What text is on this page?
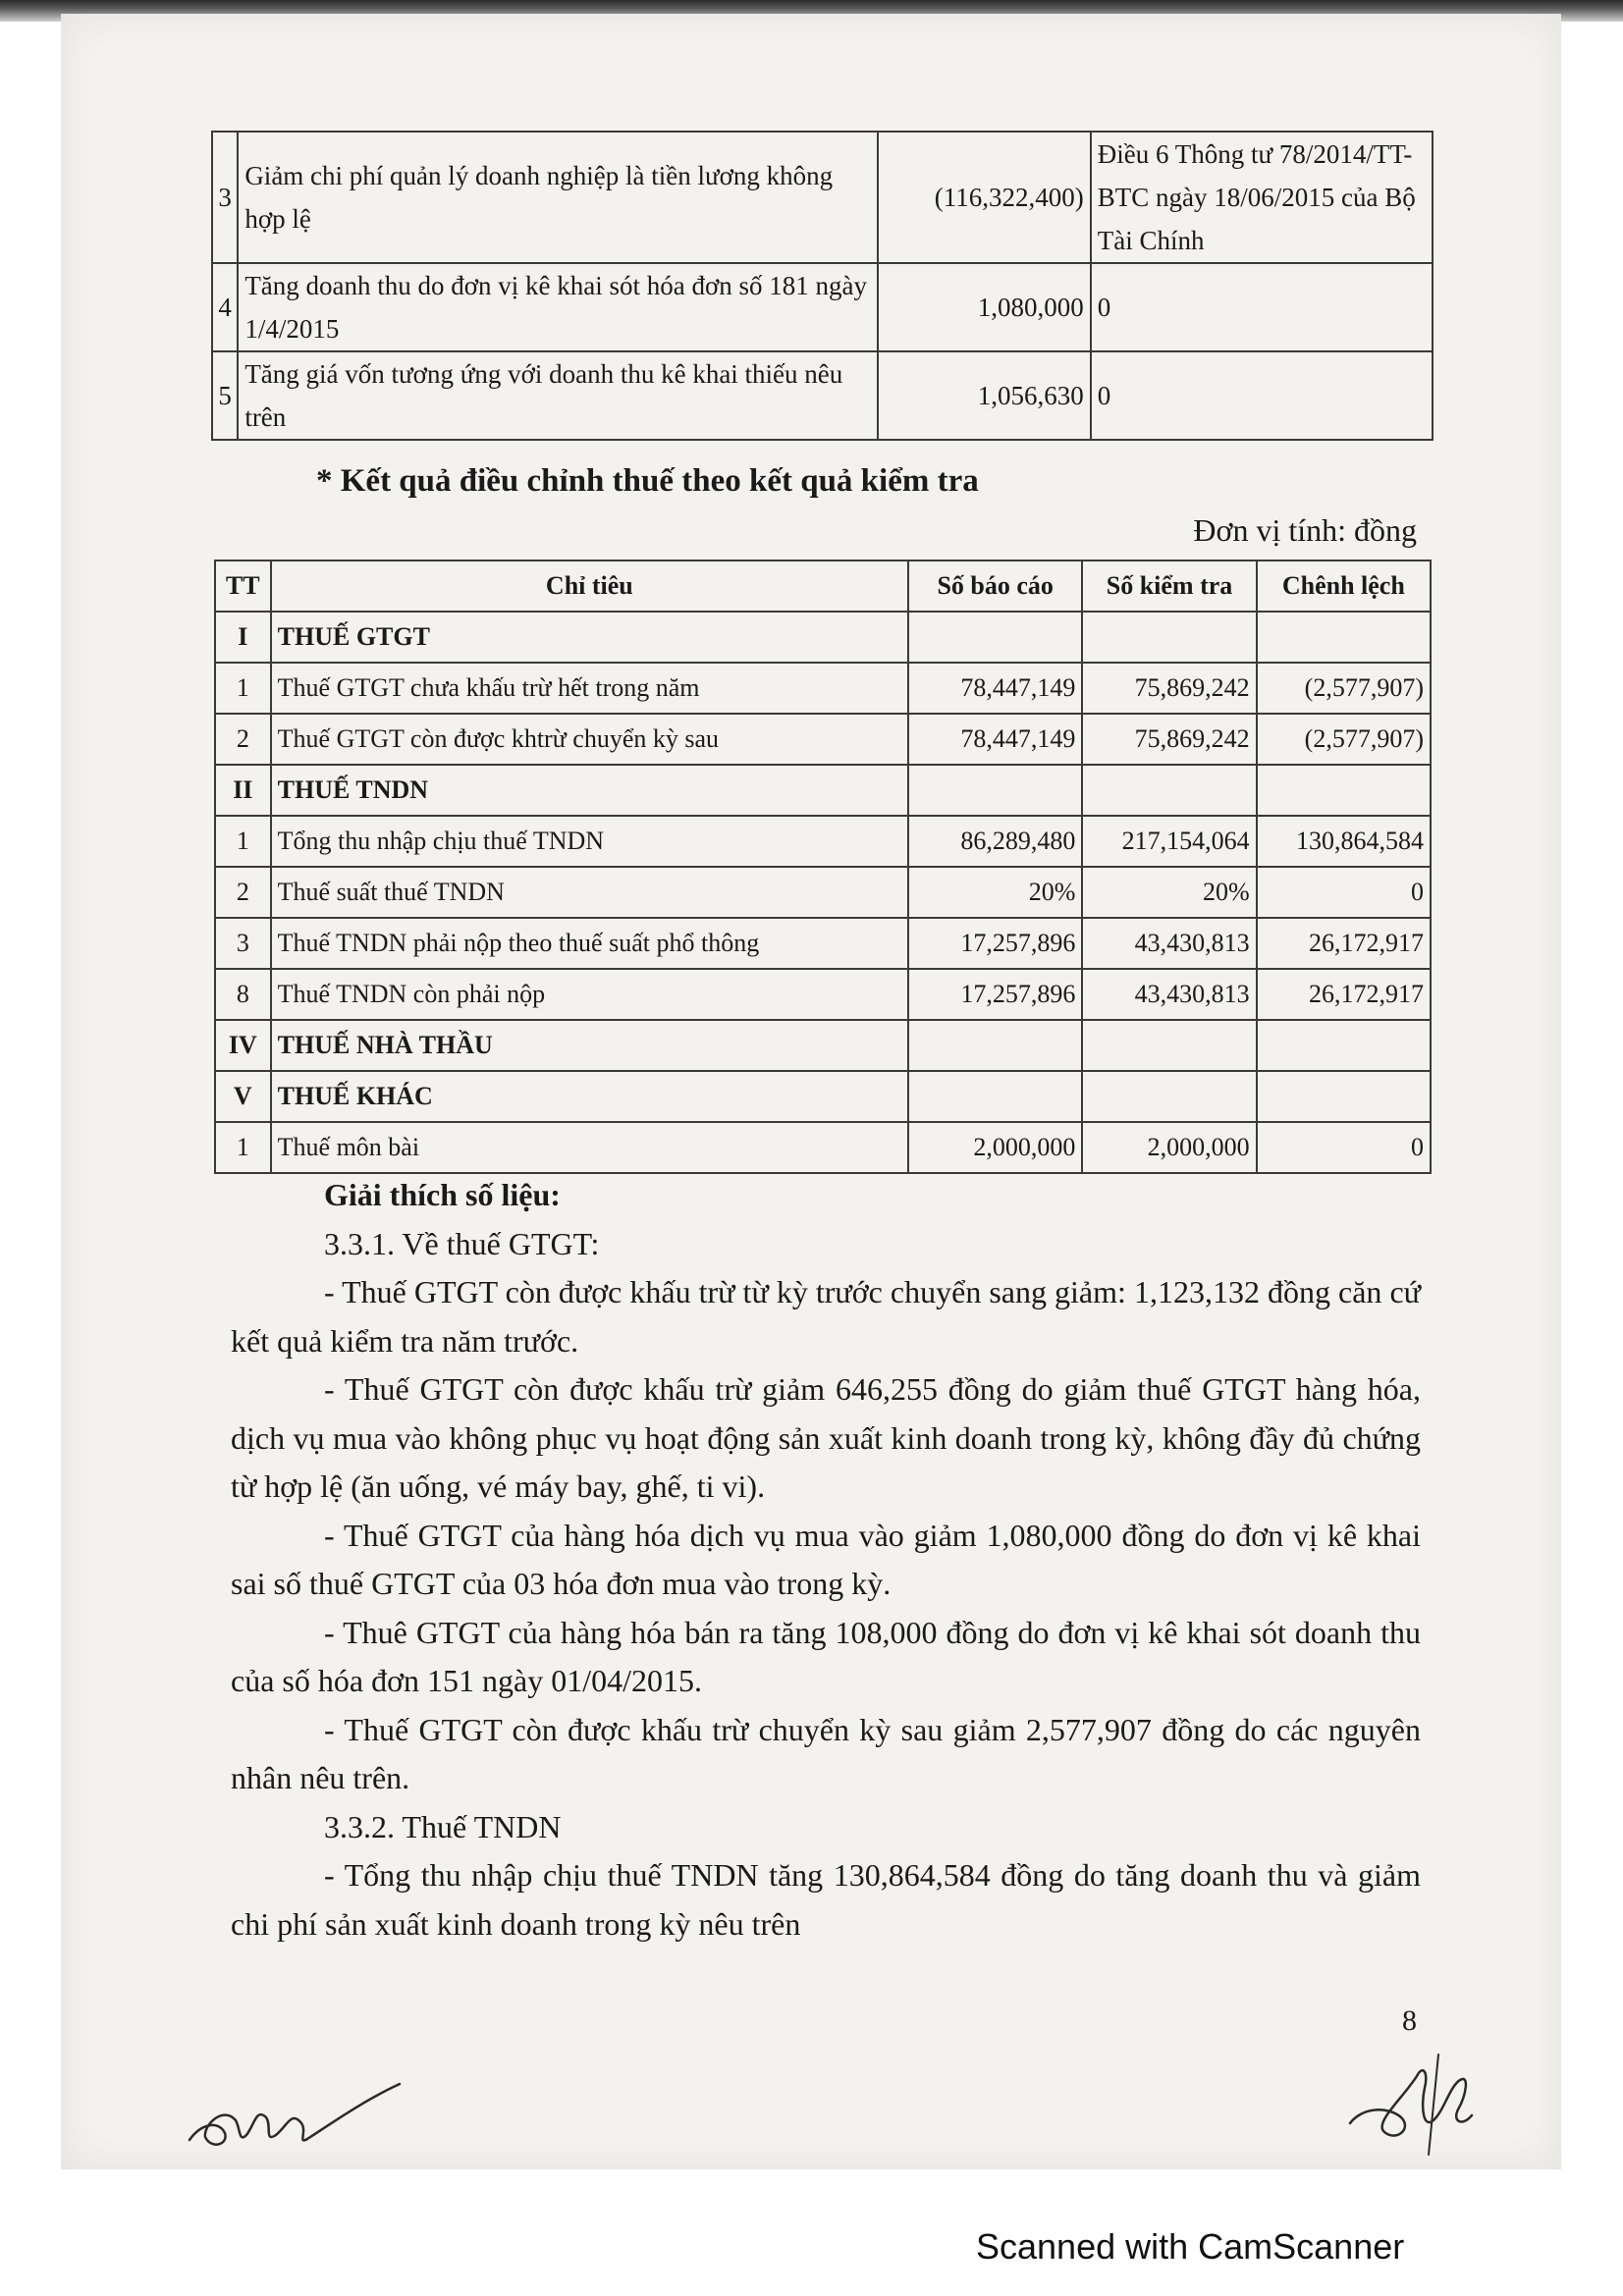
3	Giảm chi phí quản lý doanh nghiệp là tiền lương không hợp lệ	(116,322,400)	Điều 6 Thông tư 78/2014/TT-BTC ngày 18/06/2015 của Bộ Tài Chính
4	Tăng doanh thu do đơn vị kê khai sót hóa đơn số 181 ngày 1/4/2015	1,080,000	0
5	Tăng giá vốn tương ứng với doanh thu kê khai thiếu nêu trên	1,056,630	0
* Kết quả điều chỉnh thuế theo kết quả kiểm tra
Đơn vị tính: đồng
TT	Chỉ tiêu	Số báo cáo	Số kiểm tra	Chênh lệch
I	THUẾ GTGT			
1	Thuế GTGT chưa khấu trừ hết trong năm	78,447,149	75,869,242	(2,577,907)
2	Thuế GTGT còn được khtrừ chuyển kỳ sau	78,447,149	75,869,242	(2,577,907)
II	THUẾ TNDN			
1	Tổng thu nhập chịu thuế TNDN	86,289,480	217,154,064	130,864,584
2	Thuế suất thuế TNDN	20%	20%	0
3	Thuế TNDN phải nộp theo thuế suất phổ thông	17,257,896	43,430,813	26,172,917
8	Thuế TNDN còn phải nộp	17,257,896	43,430,813	26,172,917
IV	THUẾ NHÀ THẦU			
V	THUẾ KHÁC			
1	Thuế môn bài	2,000,000	2,000,000	0

Giải thích số liệu:

3.3.1. Về thuế GTGT:

- Thuế GTGT còn được khấu trừ từ kỳ trước chuyển sang giảm: 1,123,132 đồng căn cứ kết quả kiểm tra năm trước.

- Thuế GTGT còn được khấu trừ giảm 646,255 đồng do giảm thuế GTGT hàng hóa, dịch vụ mua vào không phục vụ hoạt động sản xuất kinh doanh trong kỳ, không đầy đủ chứng từ hợp lệ (ăn uống, vé máy bay, ghế, ti vi).

- Thuế GTGT của hàng hóa dịch vụ mua vào giảm 1,080,000 đồng do đơn vị kê khai sai số thuế GTGT của 03 hóa đơn mua vào trong kỳ.

- Thuê GTGT của hàng hóa bán ra tăng 108,000 đồng do đơn vị kê khai sót doanh thu của số hóa đơn 151 ngày 01/04/2015.

- Thuế GTGT còn được khấu trừ chuyển kỳ sau giảm 2,577,907 đồng do các nguyên nhân nêu trên.

3.3.2. Thuế TNDN

- Tổng thu nhập chịu thuế TNDN tăng 130,864,584 đồng do tăng doanh thu và giảm chi phí sản xuất kinh doanh trong kỳ nêu trên

8
Scanned with CamScanner
